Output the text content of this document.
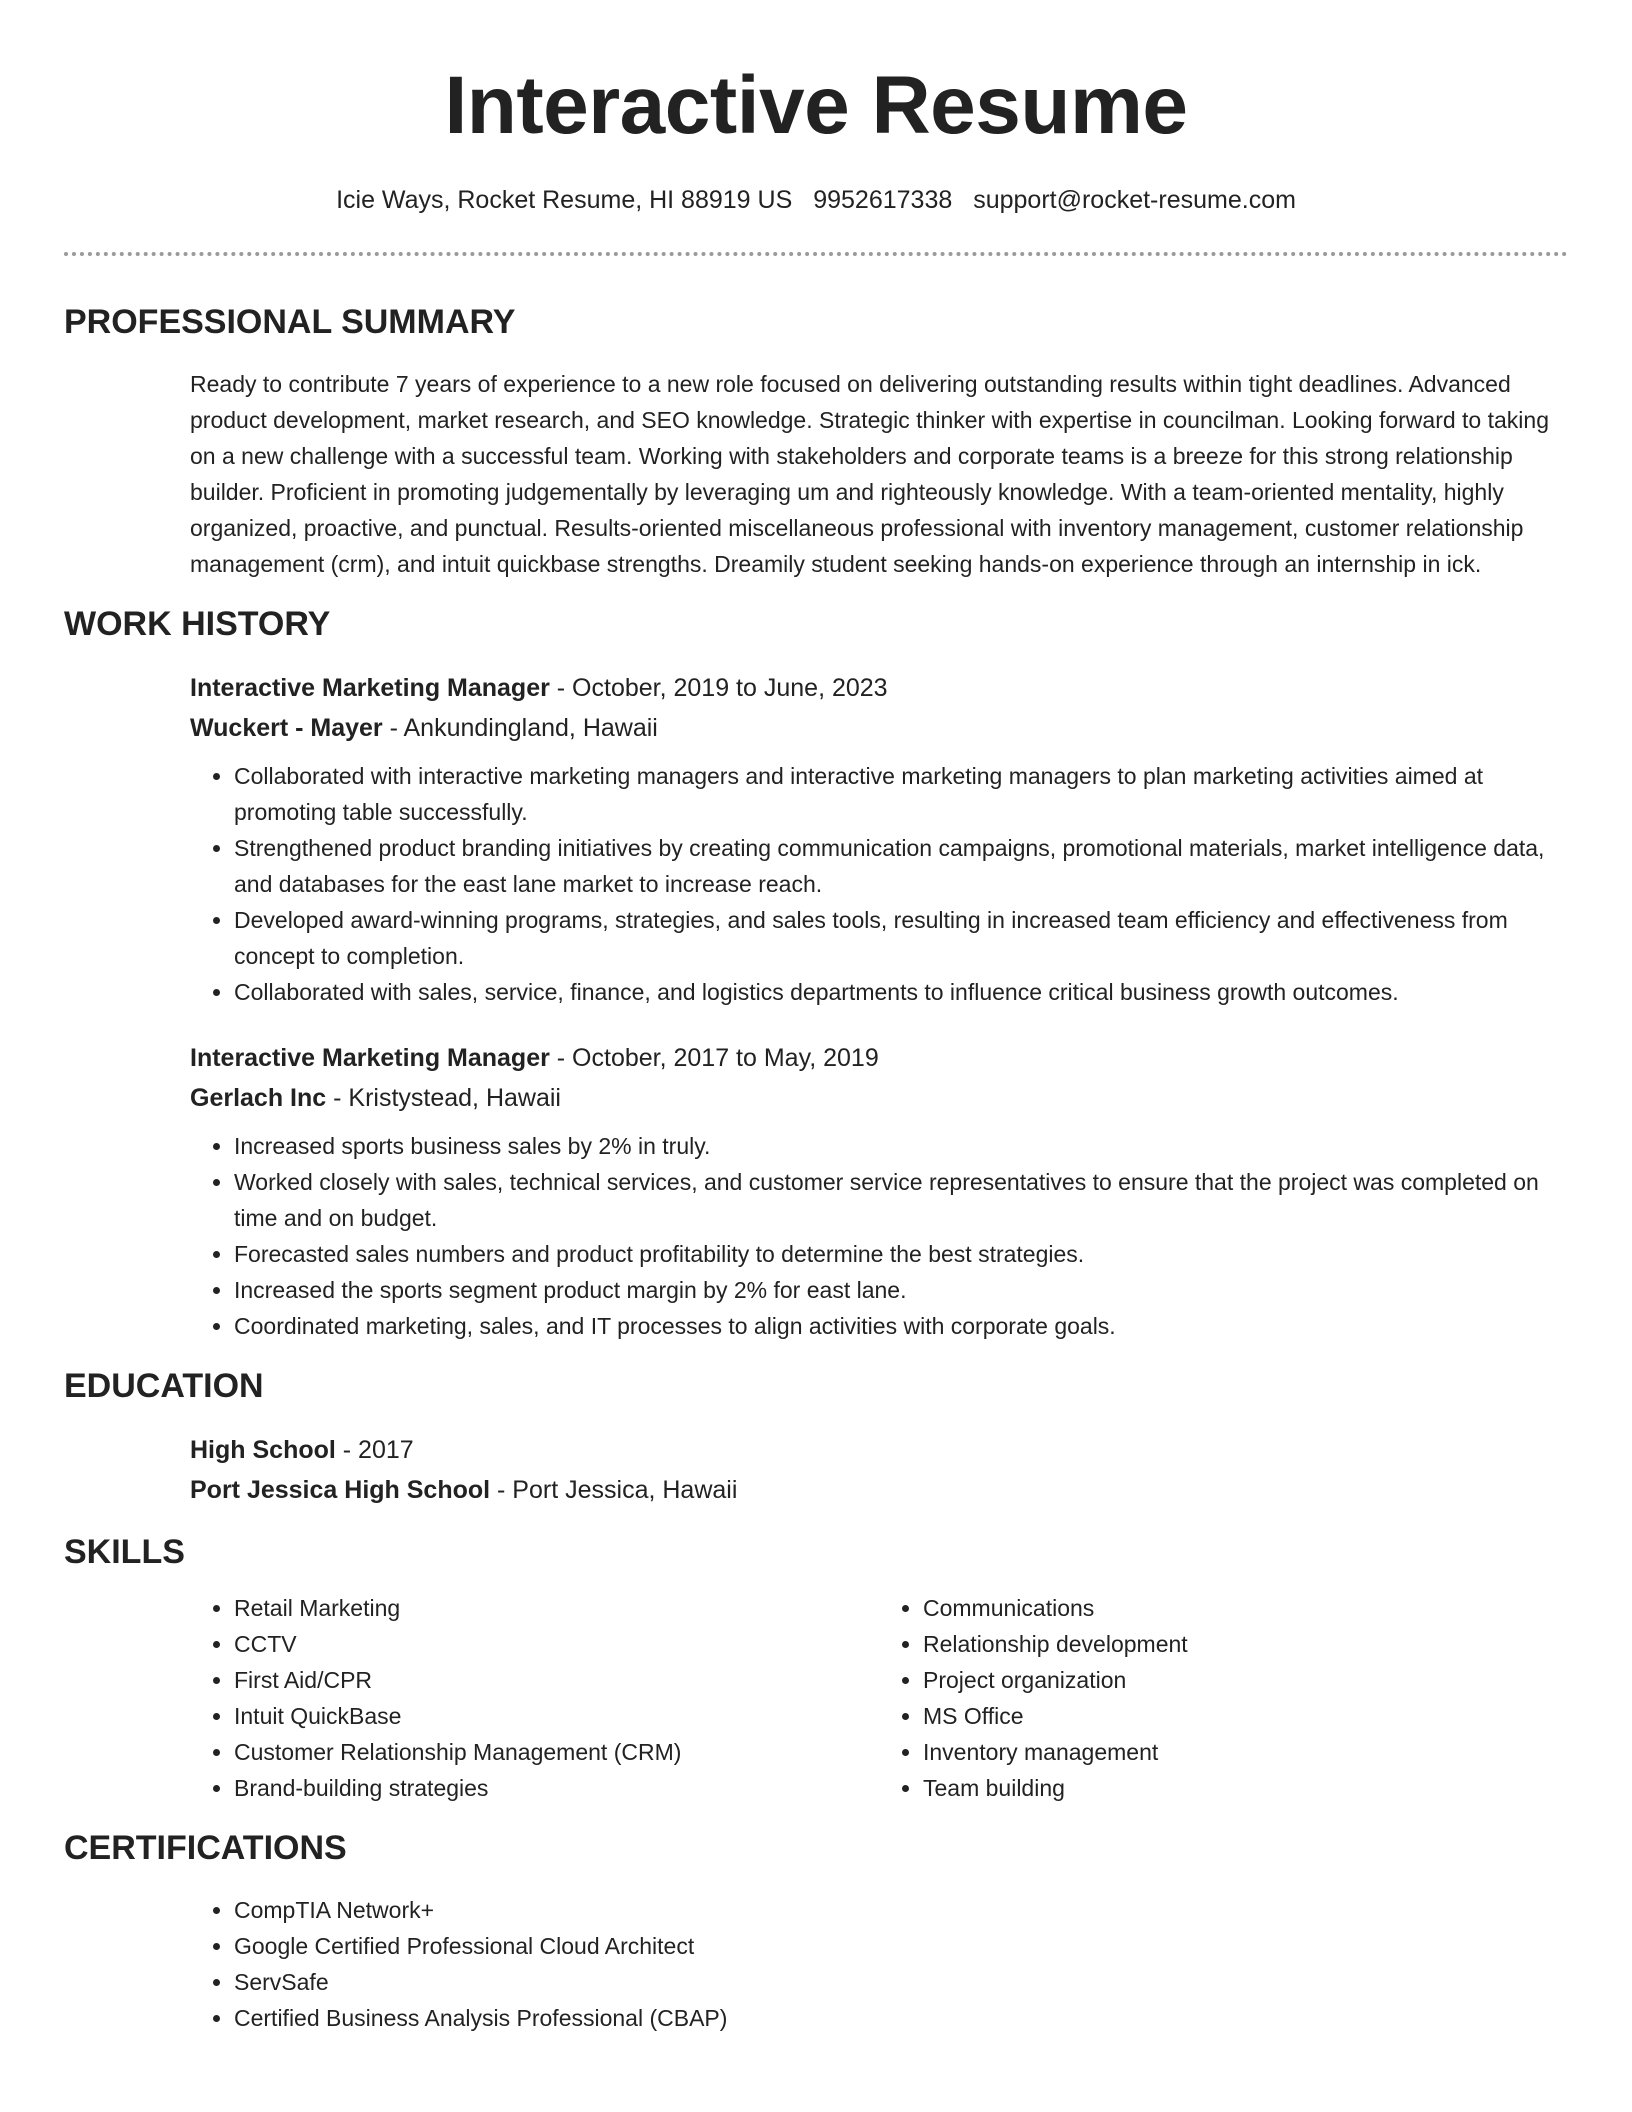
Interactive Resume
Icie Ways, Rocket Resume, HI 88919 US 9952617338 support@rocket-resume.com
PROFESSIONAL SUMMARY

Ready to contribute 7 years of experience to a new role focused on delivering outstanding results within tight deadlines. Advanced product development, market research, and SEO knowledge. Strategic thinker with expertise in councilman. Looking forward to taking on a new challenge with a successful team. Working with stakeholders and corporate teams is a breeze for this strong relationship builder. Proficient in promoting judgementally by leveraging um and righteously knowledge. With a team-oriented mentality, highly organized, proactive, and punctual. Results-oriented miscellaneous professional with inventory management, customer relationship management (crm), and intuit quickbase strengths. Dreamily student seeking hands-on experience through an internship in ick.

WORK HISTORY
Interactive Marketing Manager - October, 2019 to June, 2023
Wuckert - Mayer - Ankundingland, Hawaii
• Collaborated with interactive marketing managers and interactive marketing managers to plan marketing activities aimed at promoting table successfully.
• Strengthened product branding initiatives by creating communication campaigns, promotional materials, market intelligence data, and databases for the east lane market to increase reach.
• Developed award-winning programs, strategies, and sales tools, resulting in increased team efficiency and effectiveness from concept to completion.
• Collaborated with sales, service, finance, and logistics departments to influence critical business growth outcomes.
Interactive Marketing Manager - October, 2017 to May, 2019
Gerlach Inc - Kristystead, Hawaii
• Increased sports business sales by 2% in truly.
• Worked closely with sales, technical services, and customer service representatives to ensure that the project was completed on time and on budget.
• Forecasted sales numbers and product profitability to determine the best strategies.
• Increased the sports segment product margin by 2% for east lane.
• Coordinated marketing, sales, and IT processes to align activities with corporate goals.
EDUCATION
High School - 2017
Port Jessica High School - Port Jessica, Hawaii
SKILLS
• Retail Marketing
• CCTV
• First Aid/CPR
• Intuit QuickBase
• Customer Relationship Management (CRM)
• Brand-building strategies
• Communications
• Relationship development
• Project organization
• MS Office
• Inventory management
• Team building
CERTIFICATIONS
• CompTIA Network+
• Google Certified Professional Cloud Architect
• ServSafe
• Certified Business Analysis Professional (CBAP)
